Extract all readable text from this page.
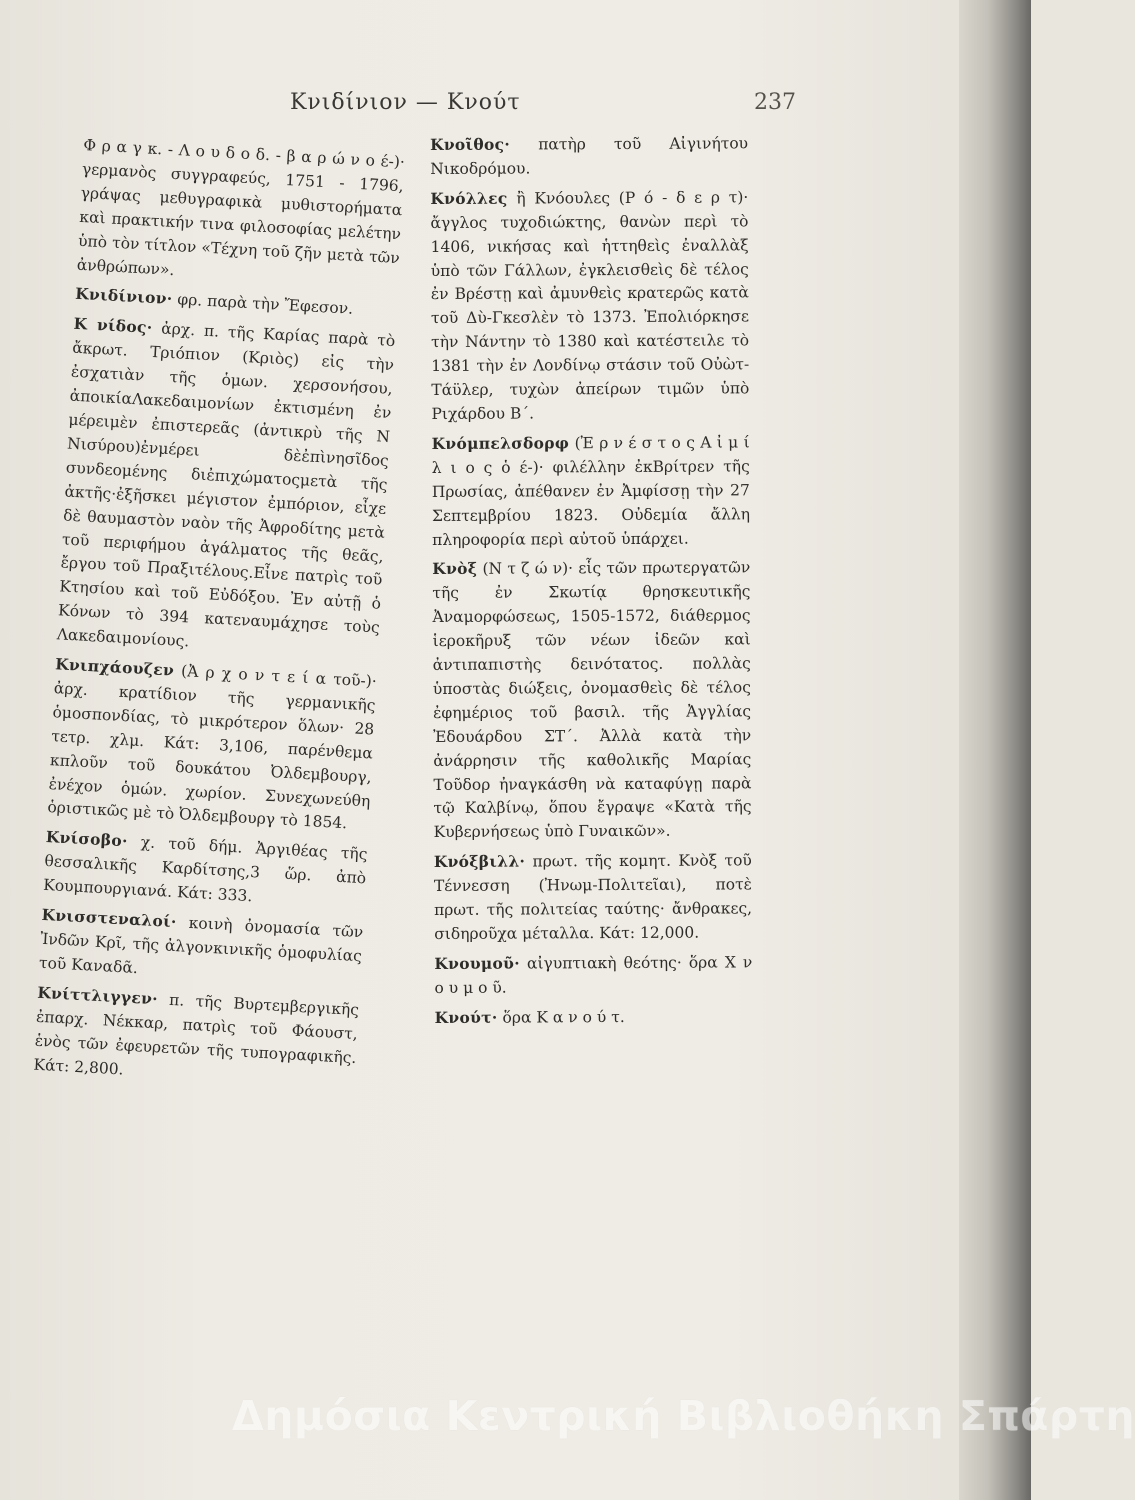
Κνιδίνιον — Κνούτ	237

Φ ρ α γ κ. - Λ ο υ δ ο δ. - β α ρ ώ ν ο έ-)· γερμανὸς συγγραφεύς, 1751 - 1796, γράψας μεθυγραφικὰ μυθιστορήματα καὶ πρακτικήν τινα φιλοσοφίας μελέτην ὑπὸ τὸν τίτλον «Τέχνη τοῦ ζῆν μετὰ τῶν ἀνθρώπων».

Κνιδίνιον· φρ. παρὰ τὴν Ἔφεσον.

Κ νίδος· ἀρχ. π. τῆς Καρίας παρὰ τὸ ἄκρωτ. Τριόπιον (Κριὸς) εἰς τὴν ἐσχατιὰν τῆς ὁμων. χερσονήσου, ἀποικίαΛακεδαιμονίων ἐκτισμένη ἐν μέρειμὲν ἐπιστερεᾶς (ἀντικρὺ τῆς Ν Νισύρου)ἐνμέρει δὲἐπὶνησῖδος συνδεομένης διἐπιχώματοςμετὰ τῆς ἀκτῆς·ἐξῆσκει μέγιστον ἐμπόριον, εἶχε δὲ θαυμαστὸν ναὸν τῆς Ἀφροδίτης μετὰ τοῦ περιφήμου ἀγάλματος τῆς θεᾶς, ἔργου τοῦ Πραξιτέλους.Εἶνε πατρὶς τοῦ Κτησίου καὶ τοῦ Εὐδόξου. Ἐν αὐτῇ ὁ Κόνων τὸ 394 κατεναυμάχησε τοὺς Λακεδαιμονίους.

Κνιπχάουζεν (Ἀ ρ χ ο ν τ ε ί α τοῦ-)· ἀρχ. κρατίδιον τῆς γερμανικῆς ὁμοσπονδίας, τὸ μικρότερον ὅλων· 28 τετρ. χλμ. Κάτ: 3,106, παρένθεμα κπλοῦν τοῦ δουκάτου Ὀλδεμβουργ, ἐνέχον ὁμών. χωρίον. Συνεχωνεύθη ὁριστικῶς μὲ τὸ Ὀλδεμβουργ τὸ 1854.

Κνίσοβο· χ. τοῦ δήμ. Ἀργιθέας τῆς θεσσαλικῆς Καρδίτσης,3 ὥρ. ἀπὸ Κουμπουργιανά. Κάτ: 333.

Κνισστεναλοί· κοινὴ ὀνομασία τῶν Ἰνδῶν Κρῖ, τῆς ἀλγονκινικῆς ὁμοφυλίας τοῦ Καναδᾶ.

Κνίττλιγγεν· π. τῆς Βυρτεμβεργικῆς ἐπαρχ. Νέκκαρ, πατρὶς τοῦ Φάουστ, ἑνὸς τῶν ἐφευρετῶν τῆς τυπογραφικῆς. Κάτ: 2,800.

Κνοῖθος· πατὴρ τοῦ Αἰγινήτου Νικοδρόμου.

Κνόλλες ἢ Κνόουλες (Ρ ό - δ ε ρ τ)· ἄγγλος τυχοδιώκτης, θανὼν περὶ τὸ 1406, νικήσας καὶ ἡττηθεὶς ἐναλλὰξ ὑπὸ τῶν Γάλλων, ἐγκλεισθεὶς δὲ τέλος ἐν Βρέστῃ καὶ ἀμυνθεὶς κρατερῶς κατὰ τοῦ Δὺ-Γκεσλὲν τὸ 1373. Ἐπολιόρκησε τὴν Νάντην τὸ 1380 καὶ κατέστειλε τὸ 1381 τὴν ἐν Λονδίνῳ στάσιν τοῦ Οὐὼτ-Τάϋλερ, τυχὼν ἀπείρων τιμῶν ὑπὸ Ριχάρδου Β΄.

Κνόμπελσδορφ (Ἐ ρ ν έ σ τ ο ς Α ἰ μ ί λ ι ο ς ὁ έ-)· φιλέλλην ἐκΒρίτρεν τῆς Πρωσίας, ἀπέθανεν ἐν Ἀμφίσσῃ τὴν 27 Σεπτεμβρίου 1823. Οὐδεμία ἄλλη πληροφορία περὶ αὐτοῦ ὑπάρχει.

Κνὸξ (Ν τ ζ ώ ν)· εἷς τῶν πρωτεργατῶν τῆς ἐν Σκωτίᾳ θρησκευτικῆς Ἀναμορφώσεως, 1505-1572, διάθερμος ἱεροκῆρυξ τῶν νέων ἰδεῶν καὶ ἀντιπαπιστὴς δεινότατος. πολλὰς ὑποστὰς διώξεις, ὀνομασθεὶς δὲ τέλος ἐφημέριος τοῦ βασιλ. τῆς Ἀγγλίας Ἐδουάρδου ΣΤ΄. Ἀλλὰ κατὰ τὴν ἀνάρρησιν τῆς καθολικῆς Μαρίας Τοῦδορ ἠναγκάσθη νὰ καταφύγῃ παρὰ τῷ Καλβίνῳ, ὅπου ἔγραψε «Κατὰ τῆς Κυβερνήσεως ὑπὸ Γυναικῶν».

Κνόξβιλλ· πρωτ. τῆς κομητ. Κνὸξ τοῦ Τέννεσση (Ἠνωμ-Πολιτεῖαι), ποτὲ πρωτ. τῆς πολιτείας ταύτης· ἄνθρακες, σιδηροῦχα μέταλλα. Κάτ: 12,000.

Κνουμοῦ· αἰγυπτιακὴ θεότης· ὅρα Χ ν ο υ μ ο ῦ.

Κνούτ· ὅρα Κ α ν ο ύ τ.

Δημόσια Κεντρική Βιβλιοθήκη Σπάρτη
